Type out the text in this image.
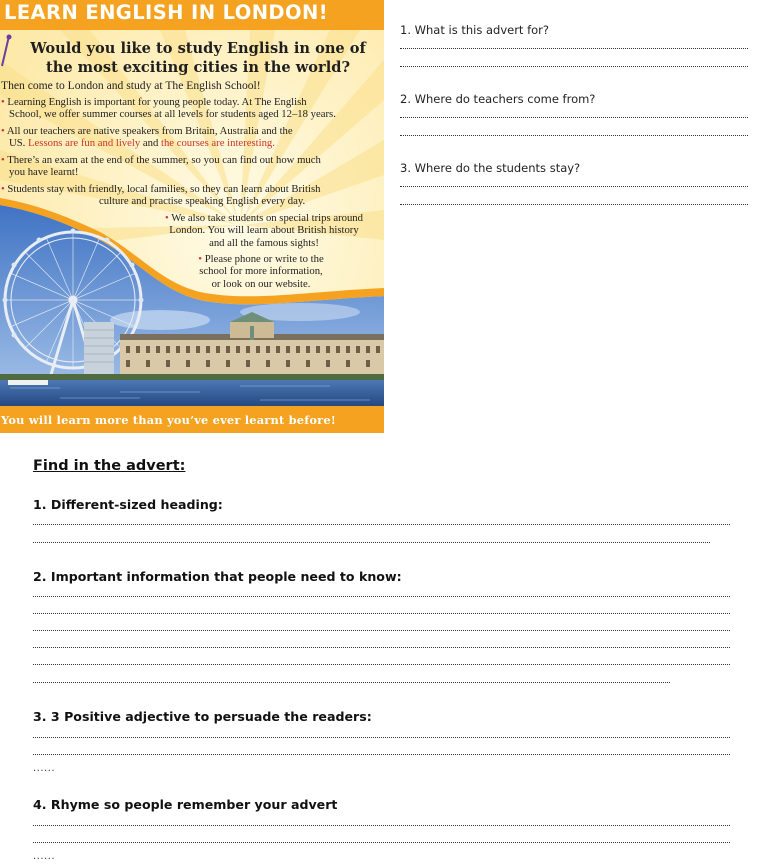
LEARN ENGLISH IN LONDON!
Would you like to study English in one of
the most exciting cities in the world?
Then come to London and study at The English School!
• Learning English is important for young people today. At The English
School, we offer summer courses at all levels for students aged 12–18 years.
• All our teachers are native speakers from Britain, Australia and the
US. Lessons are fun and lively and the courses are interesting.
• There’s an exam at the end of the summer, so you can find out how much
you have learnt!
• Students stay with friendly, local families, so they can learn about British
culture and practise speaking English every day.
• We also take students on special trips around
London. You will learn about British history
and all the famous sights!
• Please phone or write to the
school for more information,
or look on our website.
You will learn more than you’ve ever learnt before!
1. What is this advert for?
2. Where do teachers come from?
3. Where do the students stay?
Find in the advert:
1. Different-sized heading:
2. Important information that people need to know:
3. 3 Positive adjective to persuade the readers:
......
4. Rhyme so people remember your advert
......
